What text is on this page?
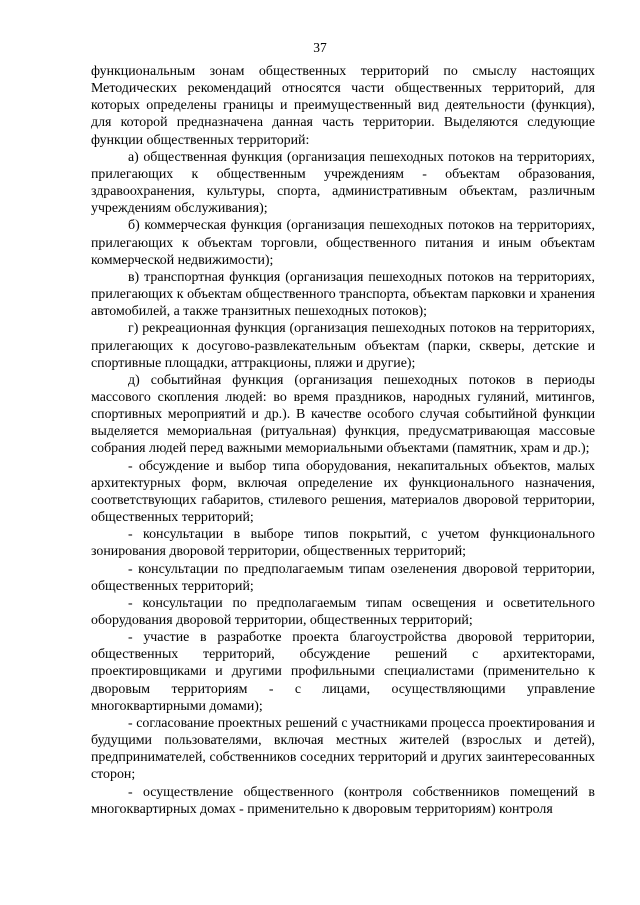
37

функциональным зонам общественных территорий по смыслу настоящих Методических рекомендаций относятся части общественных территорий, для которых определены границы и преимущественный вид деятельности (функция), для которой предназначена данная часть территории. Выделяются следующие функции общественных территорий:

а) общественная функция (организация пешеходных потоков на территориях, прилегающих к общественным учреждениям - объектам образования, здравоохранения, культуры, спорта, административным объектам, различным учреждениям обслуживания);

б) коммерческая функция (организация пешеходных потоков на территориях, прилегающих к объектам торговли, общественного питания и иным объектам коммерческой недвижимости);

в) транспортная функция (организация пешеходных потоков на территориях, прилегающих к объектам общественного транспорта, объектам парковки и хранения автомобилей, а также транзитных пешеходных потоков);

г) рекреационная функция (организация пешеходных потоков на территориях, прилегающих к досугово-развлекательным объектам (парки, скверы, детские и спортивные площадки, аттракционы, пляжи и другие);

д) событийная функция (организация пешеходных потоков в периоды массового скопления людей: во время праздников, народных гуляний, митингов, спортивных мероприятий и др.). В качестве особого случая событийной функции выделяется мемориальная (ритуальная) функция, предусматривающая массовые собрания людей перед важными мемориальными объектами (памятник, храм и др.);

- обсуждение и выбор типа оборудования, некапитальных объектов, малых архитектурных форм, включая определение их функционального назначения, соответствующих габаритов, стилевого решения, материалов дворовой территории, общественных территорий;

- консультации в выборе типов покрытий, с учетом функционального зонирования дворовой территории, общественных территорий;

- консультации по предполагаемым типам озеленения дворовой территории, общественных территорий;

- консультации по предполагаемым типам освещения и осветительного оборудования дворовой территории, общественных территорий;

- участие в разработке проекта благоустройства дворовой территории, общественных территорий, обсуждение решений с архитекторами, проектировщиками и другими профильными специалистами (применительно к дворовым территориям - с лицами, осуществляющими управление многоквартирными домами);

- согласование проектных решений с участниками процесса проектирования и будущими пользователями, включая местных жителей (взрослых и детей), предпринимателей, собственников соседних территорий и других заинтересованных сторон;

- осуществление общественного (контроля собственников помещений в многоквартирных домах - применительно к дворовым территориям) контроля
